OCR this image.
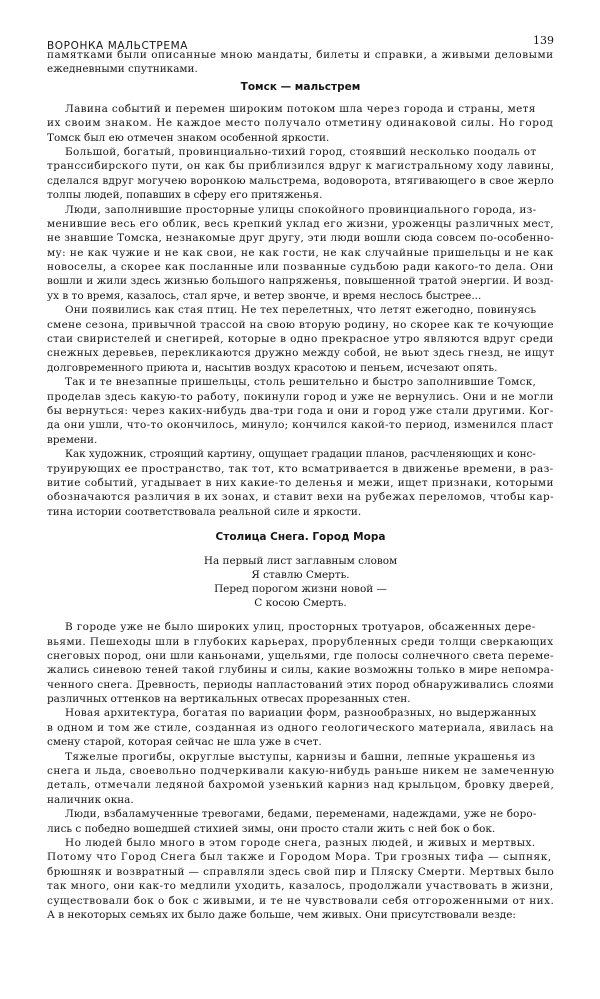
ВОРОНКА МАЛЬСТРЕМА	139
памятками были описанные мною мандаты, билеты и справки, а живыми деловыми
ежедневными спутниками.
Томск — мальстрем
Лавина событий и перемен широким потоком шла через города и страны, метя
их своим знаком. Не каждое место получало отметину одинаковой силы. Но город
Томск был ею отмечен знаком особенной яркости.
Большой, богатый, провинциально-тихий город, стоявший несколько поодаль от
транссибирского пути, он как бы приблизился вдруг к магистральному ходу лавины,
сделался вдруг могучею воронкою мальстрема, водоворота, втягивающего в свое жерло
толпы людей, попавших в сферу его притяженья.
Люди, заполнившие просторные улицы спокойного провинциального города, из-
менившие весь его облик, весь крепкий уклад его жизни, уроженцы различных мест,
не знавшие Томска, незнакомые друг другу, эти люди вошли сюда совсем по-особенно-
му: не как чужие и не как свои, не как гости, не как случайные пришельцы и не как
новоселы, а скорее как посланные или позванные судьбою ради какого-то дела. Они
вошли и жили здесь жизнью большого напряженья, повышенной тратой энергии. И возд-
ух в то время, казалось, стал ярче, и ветер звонче, и время неслось быстрее...
Они появились как стая птиц. Не тех перелетных, что летят ежегодно, повинуясь
смене сезона, привычной трассой на свою вторую родину, но скорее как те кочующие
стаи свиристелей и снегирей, которые в одно прекрасное утро являются вдруг среди
снежных деревьев, перекликаются дружно между собой, не вьют здесь гнезд, не ищут
долговременного приюта и, насытив воздух красотою и пеньем, исчезают опять.
Так и те внезапные пришельцы, столь решительно и быстро заполнившие Томск,
проделав здесь какую-то работу, покинули город и уже не вернулись. Они и не могли
бы вернуться: через каких-нибудь два-три года и они и город уже стали другими. Ког-
да они ушли, что-то окончилось, минуло; кончился какой-то период, изменился пласт
времени.
Как художник, строящий картину, ощущает градации планов, расчленяющих и конс-
труирующих ее пространство, так тот, кто всматривается в движенье времени, в раз-
витие событий, угадывает в них какие-то деленья и межи, ищет признаки, которыми
обозначаются различия в их зонах, и ставит вехи на рубежах переломов, чтобы кар-
тина истории соответствовала реальной силе и яркости.
Столица Снега. Город Мора
На первый лист заглавным словом
Я ставлю Смерть.
Перед порогом жизни новой —
С косою Смерть.
В городе уже не было широких улиц, просторных тротуаров, обсаженных дере-
вьями. Пешеходы шли в глубоких карьерах, прорубленных среди толщи сверкающих
снеговых пород, они шли каньонами, ущельями, где полосы солнечного света переме-
жались синевою теней такой глубины и силы, какие возможны только в мире непомра-
ченного снега. Древность, периоды напластований этих пород обнаруживались слоями
различных оттенков на вертикальных отвесах прорезанных стен.
Новая архитектура, богатая по вариации форм, разнообразных, но выдержанных
в одном и том же стиле, созданная из одного геологического материала, явилась на
смену старой, которая сейчас не шла уже в счет.
Тяжелые прогибы, округлые выступы, карнизы и башни, лепные украшенья из
снега и льда, своевольно подчеркивали какую-нибудь раньше никем не замеченную
деталь, отмечали ледяной бахромой узенький карниз над крыльцом, бровку дверей,
наличник окна.
Люди, взбаламученные тревогами, бедами, переменами, надеждами, уже не боро-
лись с победно вошедшей стихией зимы, они просто стали жить с ней бок о бок.
Но людей было много в этом городе снега, разных людей, и живых и мертвых.
Потому что Город Снега был также и Городом Мора. Три грозных тифа — сыпняк,
брюшняк и возвратный — справляли здесь свой пир и Пляску Смерти. Мертвых было
так много, они как-то медлили уходить, казалось, продолжали участвовать в жизни,
существовали бок о бок с живыми, и те не чувствовали себя отгороженными от них.
А в некоторых семьях их было даже больше, чем живых. Они присутствовали везде:
